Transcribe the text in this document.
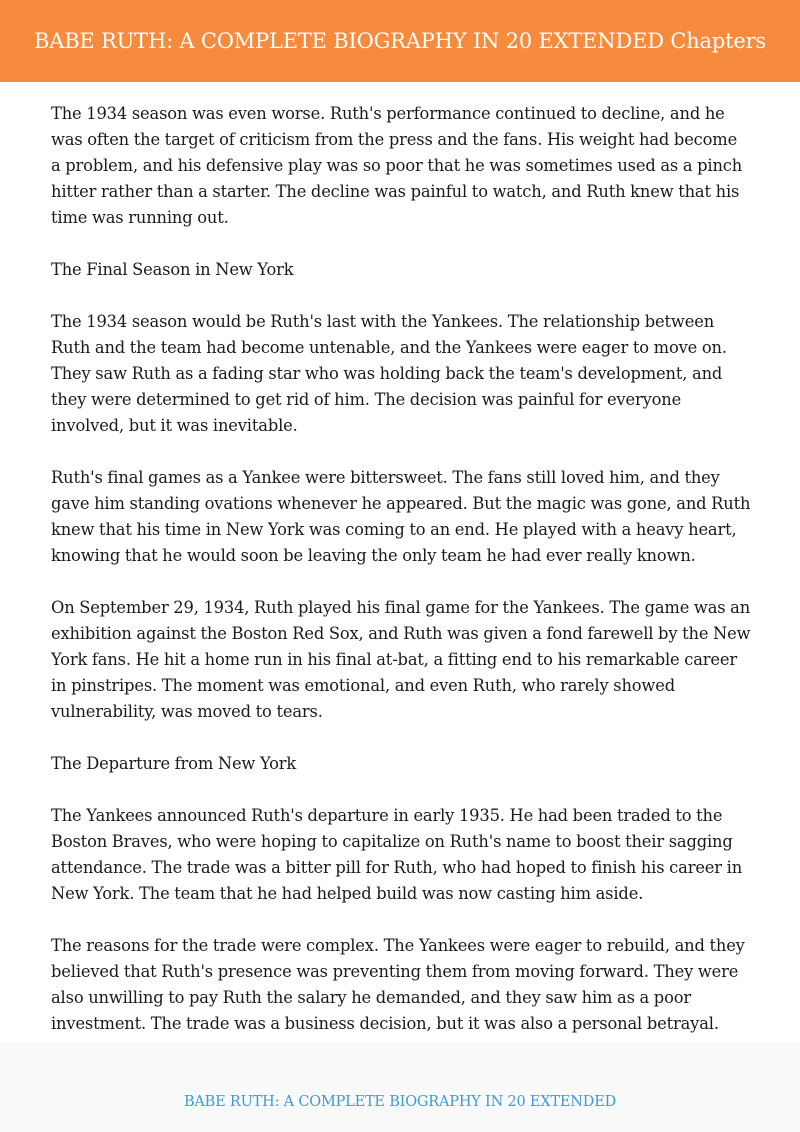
BABE RUTH: A COMPLETE BIOGRAPHY IN 20 EXTENDED Chapters

The 1934 season was even worse. Ruth's performance continued to decline, and he was often the target of criticism from the press and the fans. His weight had become a problem, and his defensive play was so poor that he was sometimes used as a pinch hitter rather than a starter. The decline was painful to watch, and Ruth knew that his time was running out.

The Final Season in New York

The 1934 season would be Ruth's last with the Yankees. The relationship between Ruth and the team had become untenable, and the Yankees were eager to move on. They saw Ruth as a fading star who was holding back the team's development, and they were determined to get rid of him. The decision was painful for everyone involved, but it was inevitable.

Ruth's final games as a Yankee were bittersweet. The fans still loved him, and they gave him standing ovations whenever he appeared. But the magic was gone, and Ruth knew that his time in New York was coming to an end. He played with a heavy heart, knowing that he would soon be leaving the only team he had ever really known.

On September 29, 1934, Ruth played his final game for the Yankees. The game was an exhibition against the Boston Red Sox, and Ruth was given a fond farewell by the New York fans. He hit a home run in his final at-bat, a fitting end to his remarkable career in pinstripes. The moment was emotional, and even Ruth, who rarely showed vulnerability, was moved to tears.

The Departure from New York

The Yankees announced Ruth's departure in early 1935. He had been traded to the Boston Braves, who were hoping to capitalize on Ruth's name to boost their sagging attendance. The trade was a bitter pill for Ruth, who had hoped to finish his career in New York. The team that he had helped build was now casting him aside.

The reasons for the trade were complex. The Yankees were eager to rebuild, and they believed that Ruth's presence was preventing them from moving forward. They were also unwilling to pay Ruth the salary he demanded, and they saw him as a poor investment. The trade was a business decision, but it was also a personal betrayal.

BABE RUTH: A COMPLETE BIOGRAPHY IN 20 EXTENDED
